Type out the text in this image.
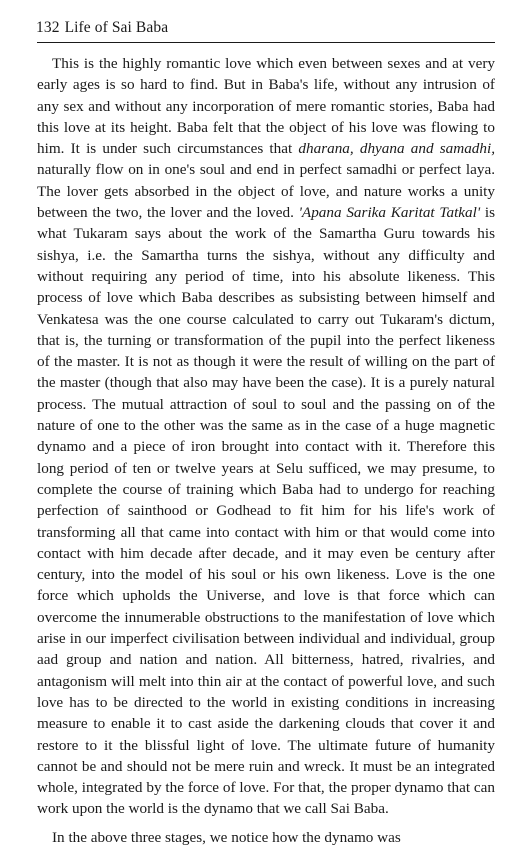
132 Life of Sai Baba

This is the highly romantic love which even between sexes and at very early ages is so hard to find. But in Baba's life, without any intrusion of any sex and without any incorporation of mere romantic stories, Baba had this love at its height. Baba felt that the object of his love was flowing to him. It is under such circumstances that dharana, dhyana and samadhi, naturally flow on in one's soul and end in perfect samadhi or perfect laya. The lover gets absorbed in the object of love, and nature works a unity between the two, the lover and the loved. 'Apana Sarika Karitat Tatkal' is what Tukaram says about the work of the Samartha Guru towards his sishya, i.e. the Samartha turns the sishya, without any difficulty and without requiring any period of time, into his absolute likeness. This process of love which Baba describes as subsisting between himself and Venkatesa was the one course calculated to carry out Tukaram's dictum, that is, the turning or transformation of the pupil into the perfect likeness of the master. It is not as though it were the result of willing on the part of the master (though that also may have been the case). It is a purely natural process. The mutual attraction of soul to soul and the passing on of the nature of one to the other was the same as in the case of a huge magnetic dynamo and a piece of iron brought into contact with it. Therefore this long period of ten or twelve years at Selu sufficed, we may presume, to complete the course of training which Baba had to undergo for reaching perfection of sainthood or Godhead to fit him for his life's work of transforming all that came into contact with him or that would come into contact with him decade after decade, and it may even be century after century, into the model of his soul or his own likeness. Love is the one force which upholds the Universe, and love is that force which can overcome the innumerable obstructions to the manifestation of love which arise in our imperfect civilisation between individual and individual, group aad group and nation and nation. All bitterness, hatred, rivalries, and antagonism will melt into thin air at the contact of powerful love, and such love has to be directed to the world in existing conditions in increasing measure to enable it to cast aside the darkening clouds that cover it and restore to it the blissful light of love. The ultimate future of humanity cannot be and should not be mere ruin and wreck. It must be an integrated whole, integrated by the force of love. For that, the proper dynamo that can work upon the world is the dynamo that we call Sai Baba.

In the above three stages, we notice how the dynamo was
